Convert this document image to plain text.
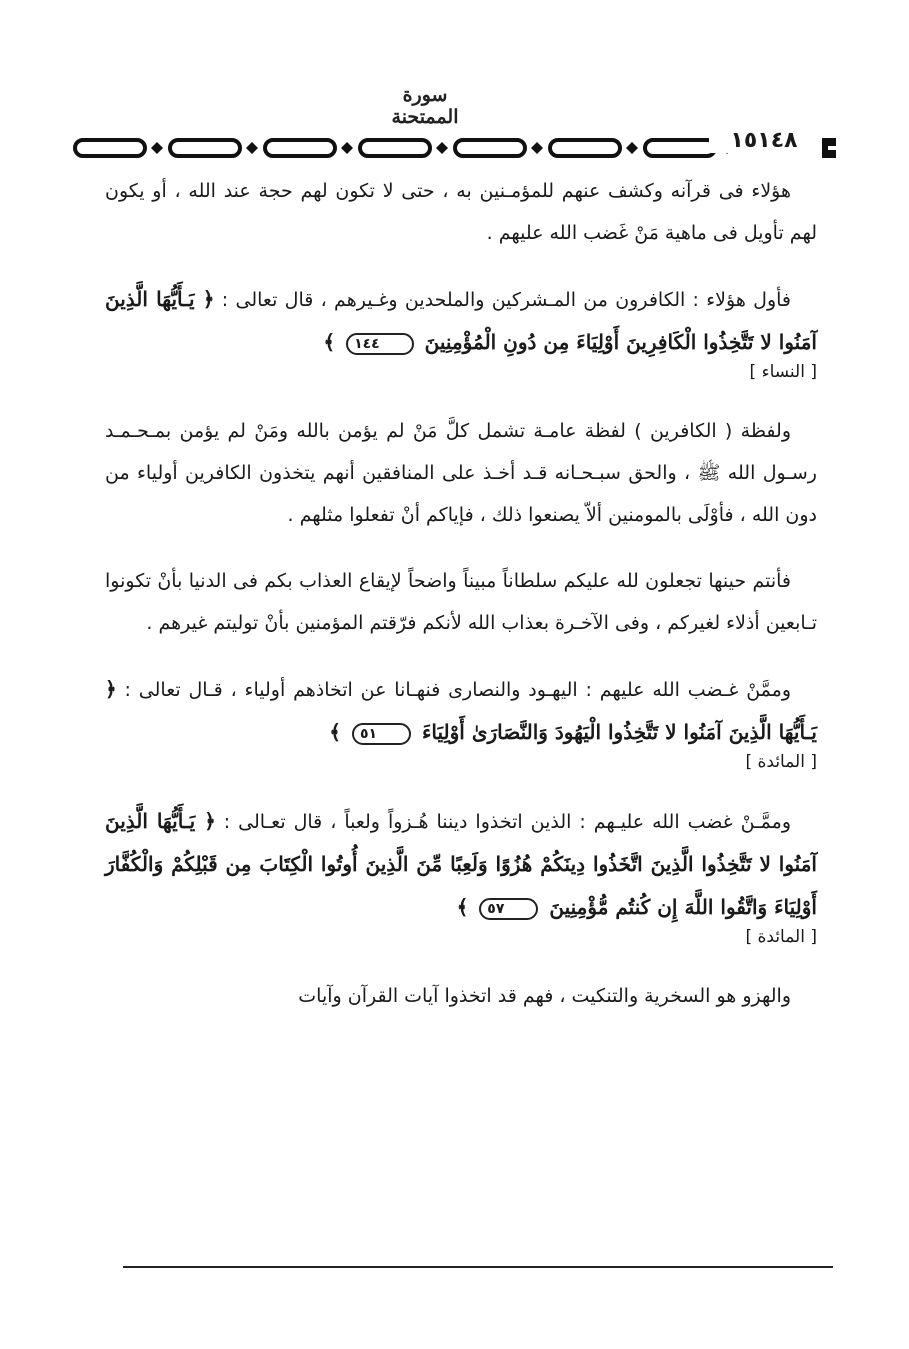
سورة الممتحنة
١٥١٤٨

هؤلاء فى قرآنه وكشف عنهم للمؤمـنين به ، حتى لا تكون لهم حجة عند الله ، أو يكون لهم تأويل فى ماهية مَنْ غَضب الله عليهم .

فأول هؤلاء : الكافرون من المـشركين والملحدين وغـيرهم ، قال تعالى : ﴿ يَـأَيُّهَا الَّذِينَ آمَنُوا لا تَتَّخِذُوا الْكَافِرِينَ أَوْلِيَاءَ مِن دُونِ الْمُؤْمِنِينَ ١٤٤ ﴾
[ النساء ]

ولفظة ( الكافرين ) لفظة عامـة تشمل كلَّ مَنْ لم يؤمن بالله ومَنْ لم يؤمن بمـحـمـد رسـول الله ﷺ ، والحق سبـحـانه قـد أخـذ على المنافقين أنهم يتخذون الكافرين أولياء من دون الله ، فأوْلَى بالمومنين ألاّ يصنعوا ذلك ، فإياكم أنْ تفعلوا مثلهم .

فأنتم حينها تجعلون لله عليكم سلطاناً مبيناً واضحاً لإيقاع العذاب بكم فى الدنيا بأنْ تكونوا تـابعين أذلاء لغيركم ، وفى الآخـرة بعذاب الله لأنكم فرّقتم المؤمنين بأنْ توليتم غيرهم .

وممَّنْ غـضب الله عليهم : اليهـود والنصارى فنهـانا عن اتخاذهم أولياء ، قـال تعالى : ﴿ يَـأَيُّهَا الَّذِينَ آمَنُوا لا تَتَّخِذُوا الْيَهُودَ وَالنَّصَارَىٰ أَوْلِيَاءَ ٥١ ﴾
[ المائدة ]

وممَّـنْ غضب الله عليـهم : الذين اتخذوا ديننا هُـزواً ولعباً ، قال تعـالى : ﴿ يَـأَيُّهَا الَّذِينَ آمَنُوا لا تَتَّخِذُوا الَّذِينَ اتَّخَذُوا دِينَكُمْ هُزُوًا وَلَعِبًا مِّنَ الَّذِينَ أُوتُوا الْكِتَابَ مِن قَبْلِكُمْ وَالْكُفَّارَ أَوْلِيَاءَ وَاتَّقُوا اللَّهَ إِن كُنتُم مُّؤْمِنِينَ ٥٧ ﴾
[ المائدة ]

والهزو هو السخرية والتنكيت ، فهم قد اتخذوا آيات القرآن وآيات
